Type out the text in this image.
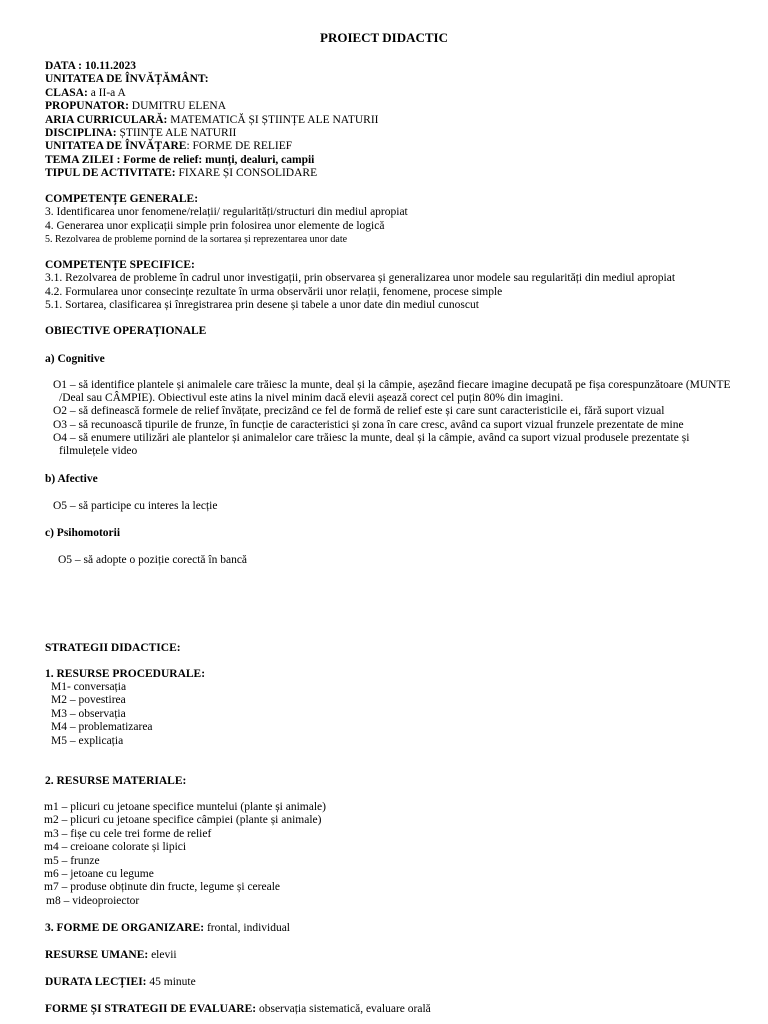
PROIECT DIDACTIC
DATA : 10.11.2023
UNITATEA DE ÎNVĂȚĂMÂNT:
CLASA: a II-a A
PROPUNATOR: DUMITRU ELENA
ARIA CURRICULARĂ: MATEMATICĂ ȘI ȘTIINȚE ALE NATURII
DISCIPLINA: ȘTIINȚE ALE NATURII
UNITATEA DE ÎNVĂȚARE: FORME DE RELIEF
TEMA ZILEI : Forme de relief: munți, dealuri, campii
TIPUL DE ACTIVITATE: FIXARE ȘI CONSOLIDARE
COMPETENȚE GENERALE:
3. Identificarea unor fenomene/relații/ regularități/structuri din mediul apropiat
4. Generarea unor explicații simple prin folosirea unor elemente de logică
5. Rezolvarea de probleme pornind de la sortarea și reprezentarea unor date
COMPETENȚE SPECIFICE:
3.1. Rezolvarea de probleme în cadrul unor investigații, prin observarea și generalizarea unor modele sau regularități din mediul apropiat
4.2. Formularea unor consecințe rezultate în urma observării unor relații, fenomene, procese simple
5.1. Sortarea, clasificarea și înregistrarea prin desene și tabele a unor date din mediul cunoscut
OBIECTIVE OPERAȚIONALE
a) Cognitive
O1 – să identifice plantele și animalele care trăiesc la munte, deal și la câmpie, așezând fiecare imagine decupată pe fișa corespunzătoare (MUNTE
/Deal sau CÂMPIE). Obiectivul este atins la nivel minim dacă elevii așează corect cel puțin 80% din imagini.
O2 – să definească formele de relief învățate, precizând ce fel de formă de relief este și care sunt caracteristicile ei, fără suport vizual
O3 – să recunoască tipurile de frunze, în funcție de caracteristici și zona în care cresc, având ca suport vizual frunzele prezentate de mine
O4 – să enumere utilizări ale plantelor și animalelor care trăiesc la munte, deal și la câmpie, având ca suport vizual produsele prezentate și
filmulețele video
b) Afective
O5 – să participe cu interes la lecție
c) Psihomotorii
O5 – să adopte o poziție corectă în bancă
STRATEGII DIDACTICE:
1. RESURSE PROCEDURALE:
M1- conversația
M2 – povestirea
M3 – observația
M4 – problematizarea
M5 – explicația
2. RESURSE MATERIALE:
m1 – plicuri cu jetoane specifice muntelui (plante și animale)
m2 – plicuri cu jetoane specifice câmpiei (plante și animale)
m3 – fișe cu cele trei forme de relief
m4 – creioane colorate și lipici
m5 – frunze
m6 – jetoane cu legume
m7 – produse obținute din fructe, legume și cereale
m8 – videoproiector
3. FORME DE ORGANIZARE: frontal, individual
RESURSE UMANE: elevii
DURATA LECȚIEI: 45 minute
FORME ȘI STRATEGII DE EVALUARE: observația sistematică, evaluare orală
